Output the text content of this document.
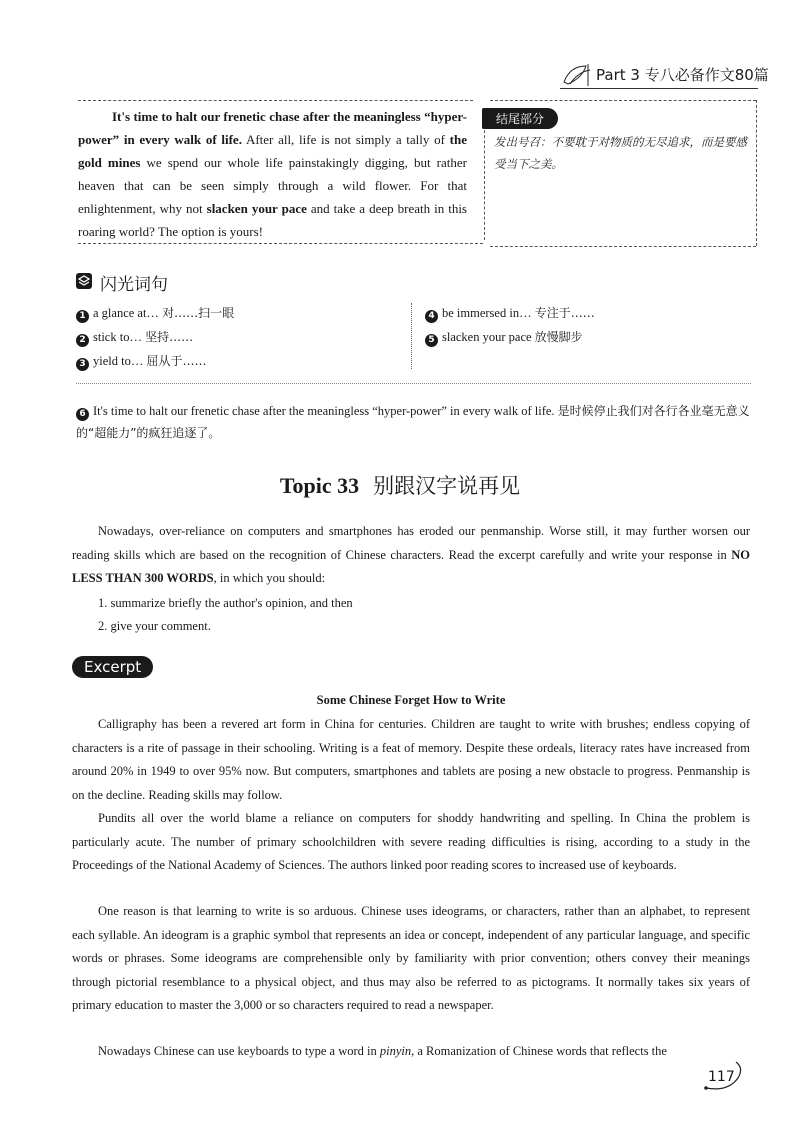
Part 3 专八必备作文80篇
It's time to halt our frenetic chase after the meaningless “hyper-power” in every walk of life. After all, life is not simply a tally of the gold mines we spend our whole life painstakingly digging, but rather heaven that can be seen simply through a wild flower. For that enlightenment, why not slacken your pace and take a deep breath in this roaring world? The option is yours!
结尾部分
发出号召：不要耽于对物质的无尽追求，而是要感受当下之美。
闪光词句
1 a glance at… 对……扫一眼
2 stick to… 坚持……
3 yield to… 屈从于……
4 be immersed in… 专注于……
5 slacken your pace 放慢脚步
6 It's time to halt our frenetic chase after the meaningless “hyper-power” in every walk of life. 是时候停止我们对各行各业毫无意义的“超能力”的疯狂追逐了。
Topic 33 别跟汉字说再见
Nowadays, over-reliance on computers and smartphones has eroded our penmanship. Worse still, it may further worsen our reading skills which are based on the recognition of Chinese characters. Read the excerpt carefully and write your response in NO LESS THAN 300 WORDS, in which you should:
1. summarize briefly the author's opinion, and then
2. give your comment.
Excerpt
Some Chinese Forget How to Write
Calligraphy has been a revered art form in China for centuries. Children are taught to write with brushes; endless copying of characters is a rite of passage in their schooling. Writing is a feat of memory. Despite these ordeals, literacy rates have increased from around 20% in 1949 to over 95% now. But computers, smartphones and tablets are posing a new obstacle to progress. Penmanship is on the decline. Reading skills may follow.
Pundits all over the world blame a reliance on computers for shoddy handwriting and spelling. In China the problem is particularly acute. The number of primary schoolchildren with severe reading difficulties is rising, according to a study in the Proceedings of the National Academy of Sciences. The authors linked poor reading scores to increased use of keyboards.
One reason is that learning to write is so arduous. Chinese uses ideograms, or characters, rather than an alphabet, to represent each syllable. An ideogram is a graphic symbol that represents an idea or concept, independent of any particular language, and specific words or phrases. Some ideograms are comprehensible only by familiarity with prior convention; others convey their meanings through pictorial resemblance to a physical object, and thus may also be referred to as pictograms. It normally takes six years of primary education to master the 3,000 or so characters required to read a newspaper.
Nowadays Chinese can use keyboards to type a word in pinyin, a Romanization of Chinese words that reflects the
117
